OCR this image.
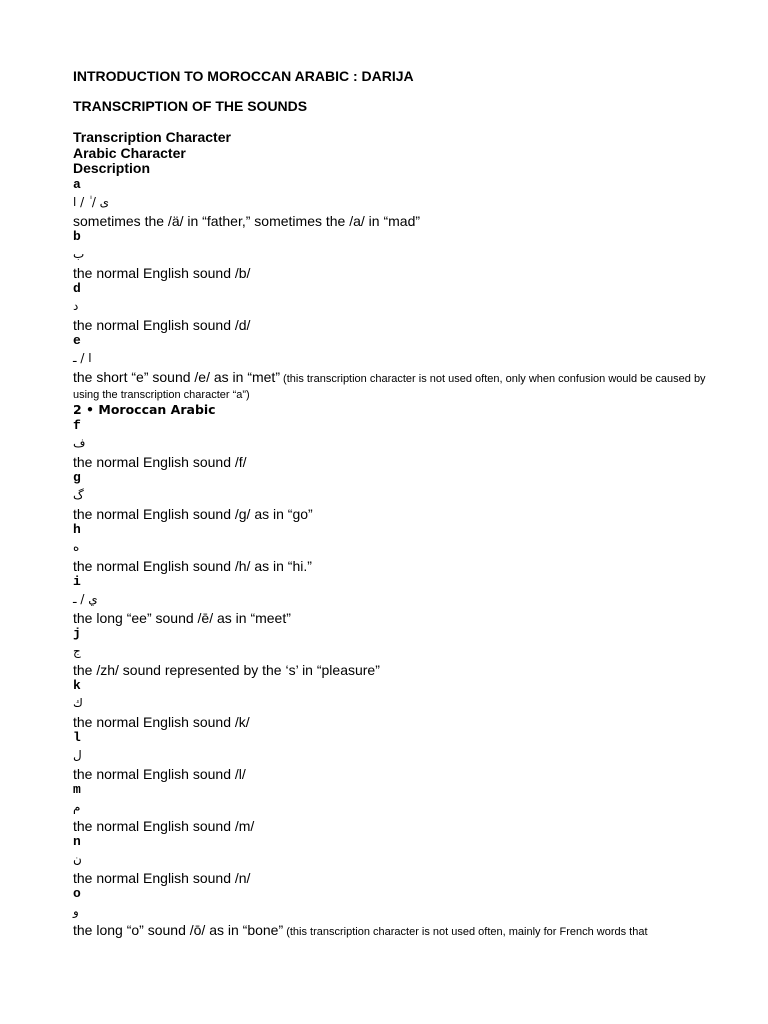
INTRODUCTION TO MOROCCAN ARABIC : DARIJA
TRANSCRIPTION OF THE SOUNDS
Transcription Character
Arabic Character
Description
a
ى / ٰ / ا
sometimes the /ä/ in “father,” sometimes the /a/ in “mad”
b
ب
the normal English sound /b/
d
د
the normal English sound /d/
e
ا / ـ
the short “e” sound /e/ as in “met” (this transcription character is not used often, only when confusion would be caused by using the transcription character “a”)
2 • Moroccan Arabic
f
ف
the normal English sound /f/
g
گ
the normal English sound /g/ as in “go”
h
ه
the normal English sound /h/ as in “hi.”
i
ي / ـ
the long “ee” sound /ē/ as in “meet”
j
ج
the /zh/ sound represented by the ‘s’ in “pleasure”
k
ك
the normal English sound /k/
l
ل
the normal English sound /l/
m
م
the normal English sound /m/
n
ن
the normal English sound /n/
o
و
the long “o” sound /ō/ as in “bone” (this transcription character is not used often, mainly for French words that
